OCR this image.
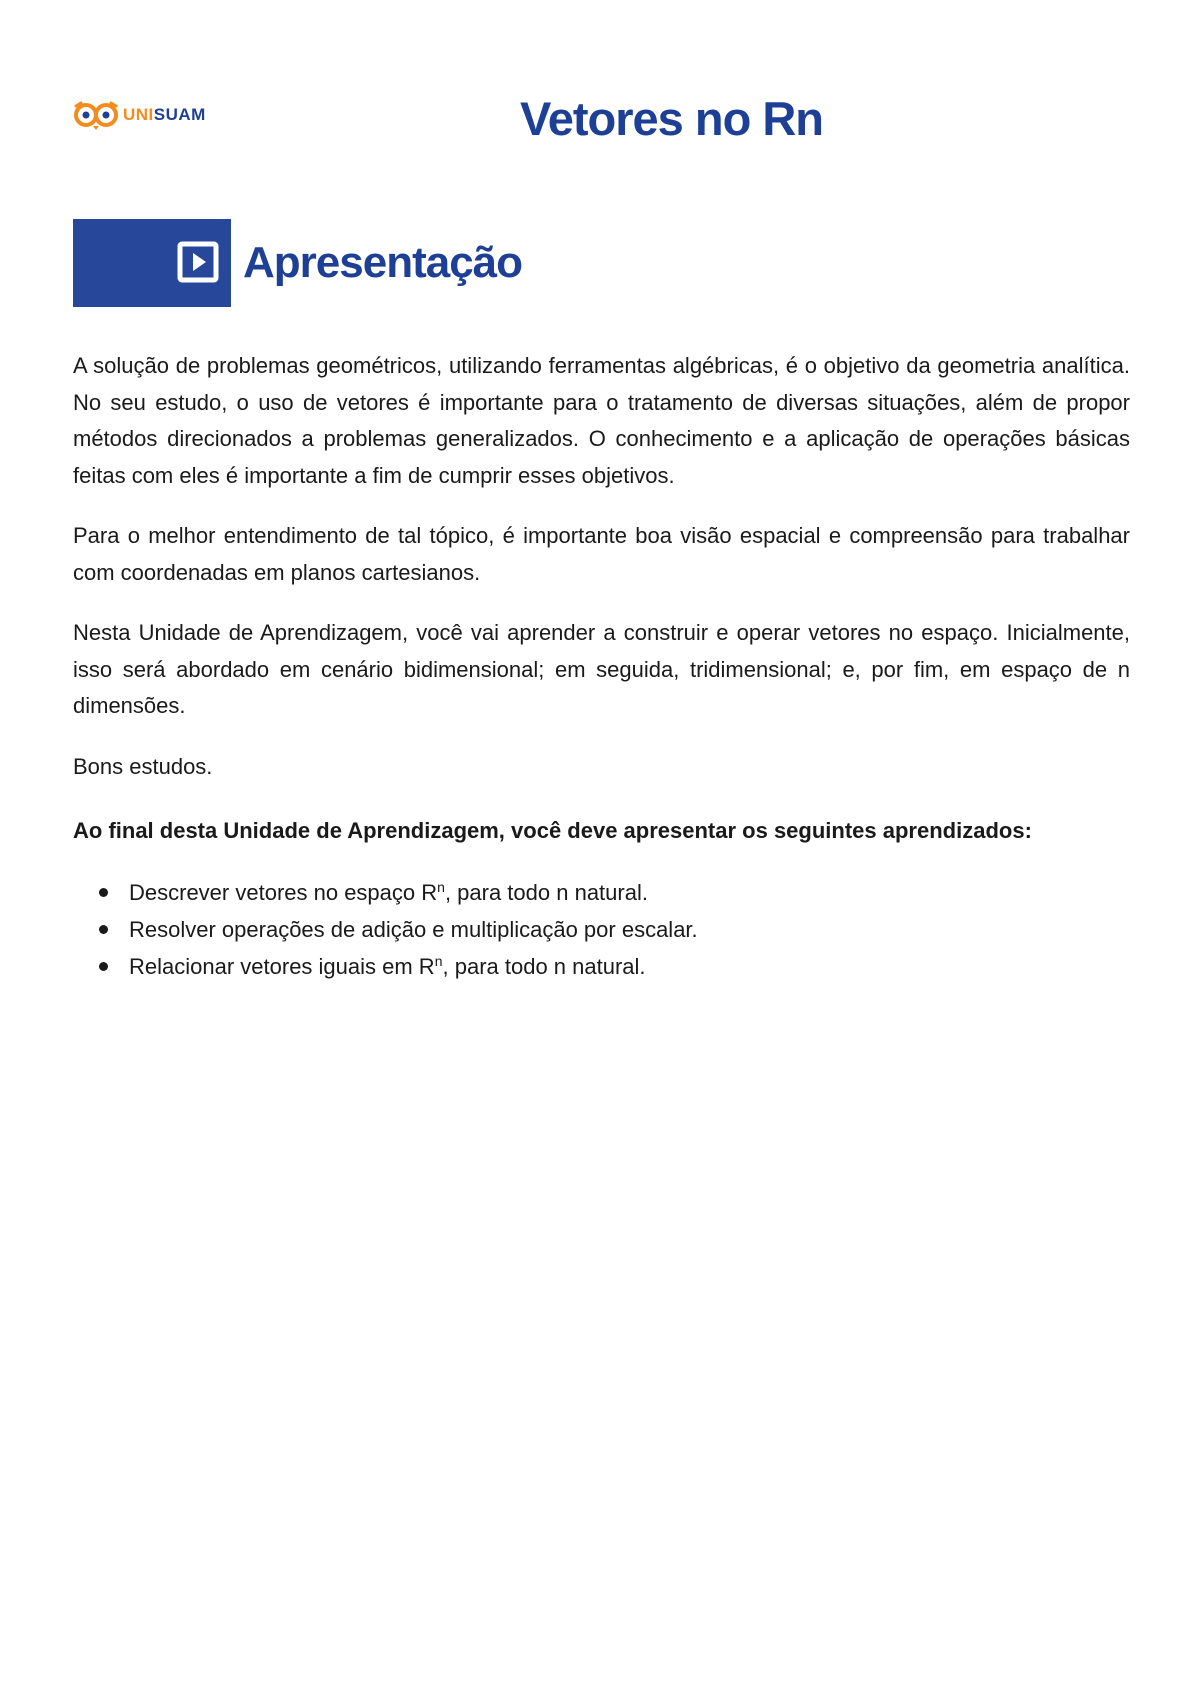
UNISUAM	Vetores no Rn
Apresentação

A solução de problemas geométricos, utilizando ferramentas algébricas, é o objetivo da geometria analítica. No seu estudo, o uso de vetores é importante para o tratamento de diversas situações, além de propor métodos direcionados a problemas generalizados. O conhecimento e a aplicação de operações básicas feitas com eles é importante a fim de cumprir esses objetivos.

Para o melhor entendimento de tal tópico, é importante boa visão espacial e compreensão para trabalhar com coordenadas em planos cartesianos.

Nesta Unidade de Aprendizagem, você vai aprender a construir e operar vetores no espaço. Inicialmente, isso será abordado em cenário bidimensional; em seguida, tridimensional; e, por fim, em espaço de n dimensões.

Bons estudos.

Ao final desta Unidade de Aprendizagem, você deve apresentar os seguintes aprendizados:

Descrever vetores no espaço $R^n$, para todo n natural.
Resolver operações de adição e multiplicação por escalar.
Relacionar vetores iguais em $R^n$, para todo n natural.
